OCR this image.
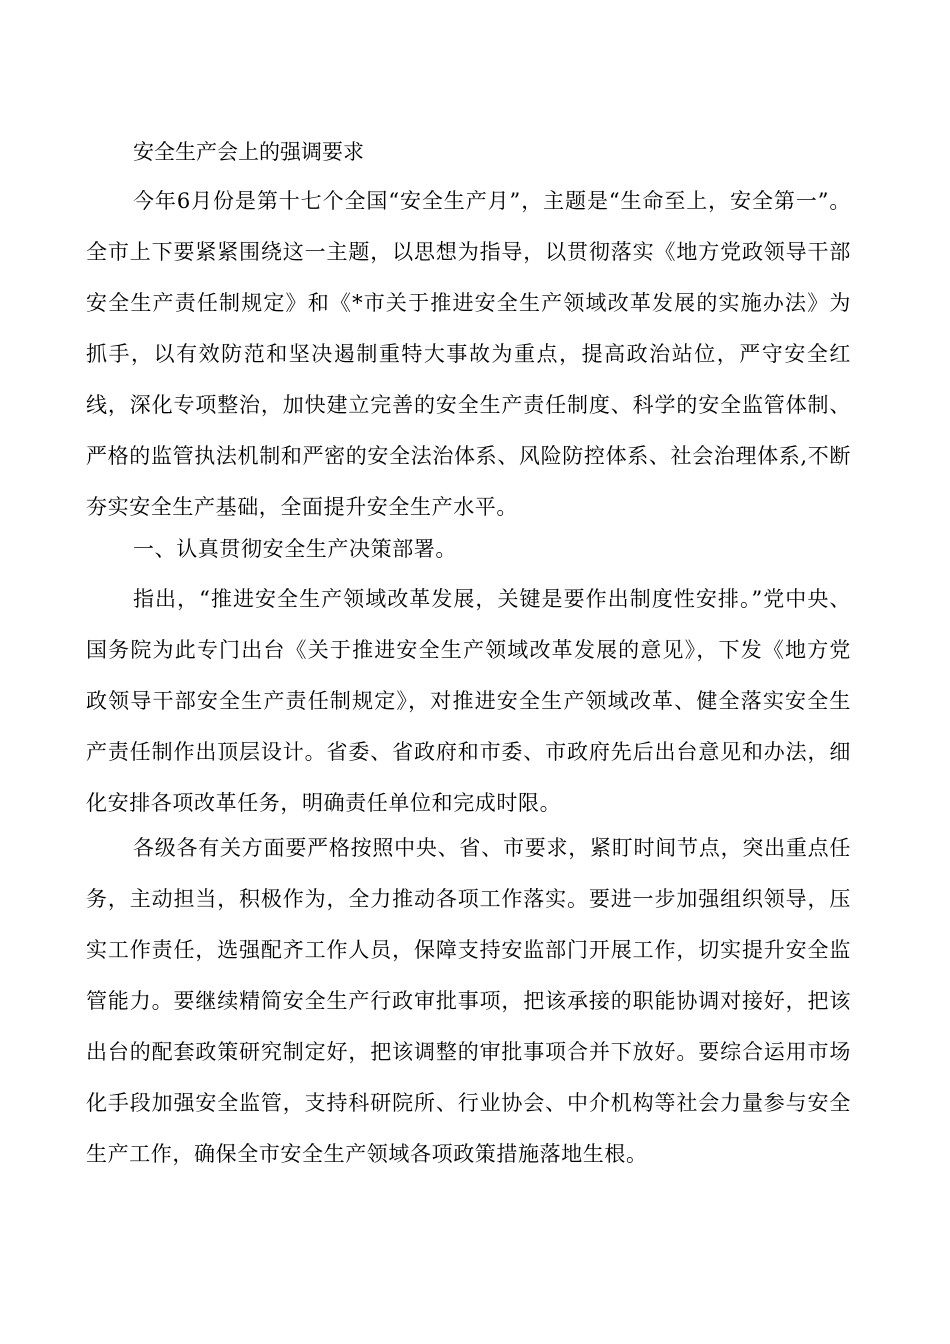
安全生产会上的强调要求

今年6月份是第十七个全国“安全生产月”，主题是“生命至上，安全第一”。全市上下要紧紧围绕这一主题，以思想为指导，以贯彻落实《地方党政领导干部安全生产责任制规定》和《*市关于推进安全生产领域改革发展的实施办法》为抓手，以有效防范和坚决遏制重特大事故为重点，提高政治站位，严守安全红线，深化专项整治，加快建立完善的安全生产责任制度、科学的安全监管体制、严格的监管执法机制和严密的安全法治体系、风险防控体系、社会治理体系,不断夯实安全生产基础，全面提升安全生产水平。

一、认真贯彻安全生产决策部署。

指出，“推进安全生产领域改革发展，关键是要作出制度性安排。”党中央、国务院为此专门出台《关于推进安全生产领域改革发展的意见》，下发《地方党政领导干部安全生产责任制规定》，对推进安全生产领域改革、健全落实安全生产责任制作出顶层设计。省委、省政府和市委、市政府先后出台意见和办法，细化安排各项改革任务，明确责任单位和完成时限。

各级各有关方面要严格按照中央、省、市要求，紧盯时间节点，突出重点任务，主动担当，积极作为，全力推动各项工作落实。要进一步加强组织领导，压实工作责任，选强配齐工作人员，保障支持安监部门开展工作，切实提升安全监管能力。要继续精简安全生产行政审批事项，把该承接的职能协调对接好，把该出台的配套政策研究制定好，把该调整的审批事项合并下放好。要综合运用市场化手段加强安全监管，支持科研院所、行业协会、中介机构等社会力量参与安全生产工作，确保全市安全生产领域各项政策措施落地生根。
